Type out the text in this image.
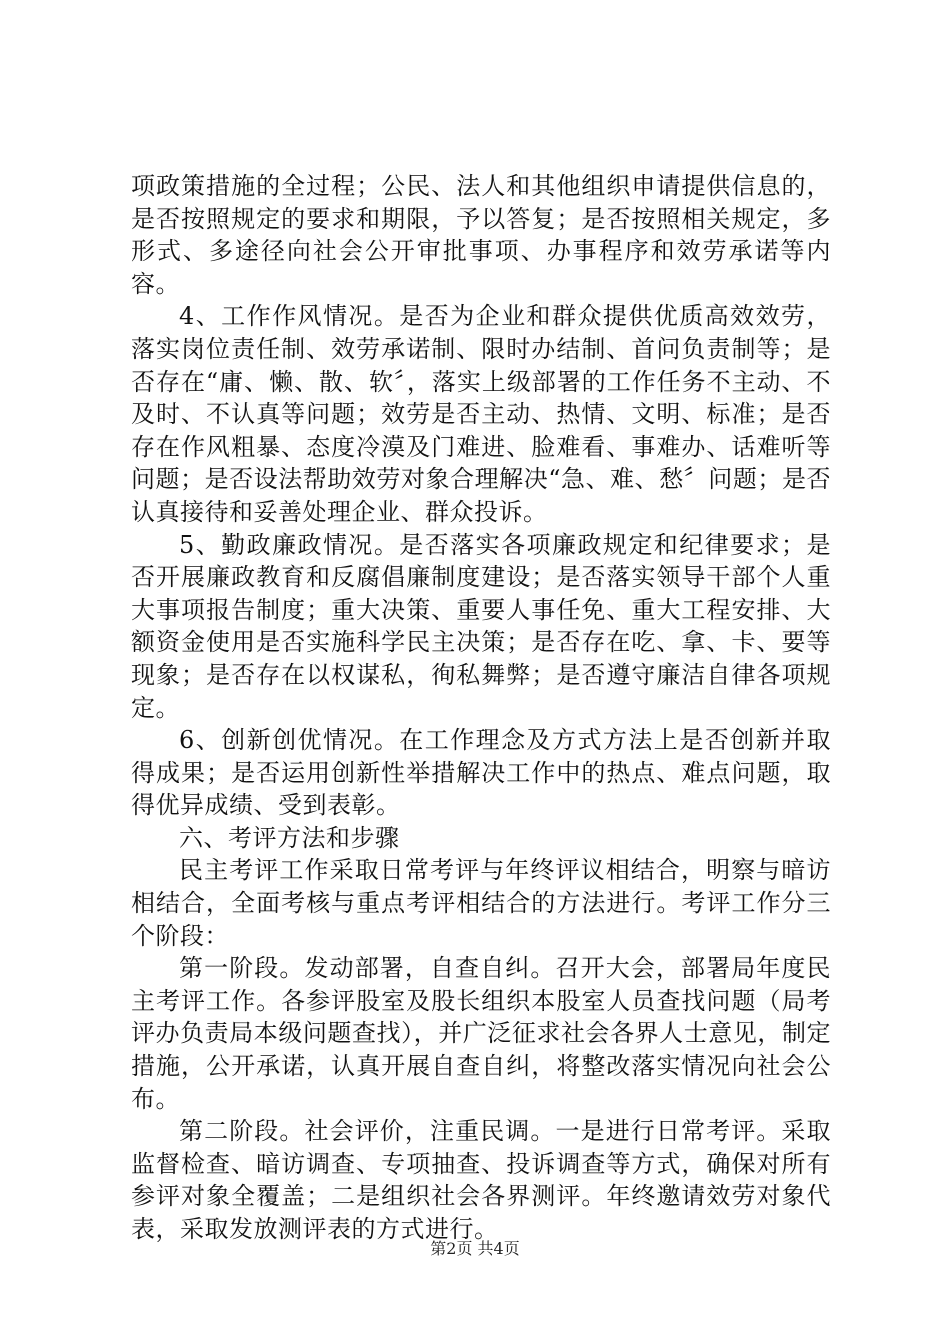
项政策措施的全过程；公民、法人和其他组织申请提供信息的，是否按照规定的要求和期限，予以答复；是否按照相关规定，多形式、多途径向社会公开审批事项、办事程序和效劳承诺等内容。

4、工作作风情况。是否为企业和群众提供优质高效效劳，落实岗位责任制、效劳承诺制、限时办结制、首问负责制等；是否存在“庸、懒、散、软〞，落实上级部署的工作任务不主动、不及时、不认真等问题；效劳是否主动、热情、文明、标准；是否存在作风粗暴、态度冷漠及门难进、脸难看、事难办、话难听等问题；是否设法帮助效劳对象合理解决“急、难、愁〞问题；是否认真接待和妥善处理企业、群众投诉。

5、勤政廉政情况。是否落实各项廉政规定和纪律要求；是否开展廉政教育和反腐倡廉制度建设；是否落实领导干部个人重大事项报告制度；重大决策、重要人事任免、重大工程安排、大额资金使用是否实施科学民主决策；是否存在吃、拿、卡、要等现象；是否存在以权谋私，徇私舞弊；是否遵守廉洁自律各项规定。

6、创新创优情况。在工作理念及方式方法上是否创新并取得成果；是否运用创新性举措解决工作中的热点、难点问题，取得优异成绩、受到表彰。

六、考评方法和步骤

民主考评工作采取日常考评与年终评议相结合，明察与暗访相结合，全面考核与重点考评相结合的方法进行。考评工作分三个阶段：

第一阶段。发动部署，自查自纠。召开大会，部署局年度民主考评工作。各参评股室及股长组织本股室人员查找问题（局考评办负责局本级问题查找），并广泛征求社会各界人士意见，制定措施，公开承诺，认真开展自查自纠，将整改落实情况向社会公布。

第二阶段。社会评价，注重民调。一是进行日常考评。采取监督检查、暗访调查、专项抽查、投诉调查等方式，确保对所有参评对象全覆盖；二是组织社会各界测评。年终邀请效劳对象代表，采取发放测评表的方式进行。

第2页 共4页
